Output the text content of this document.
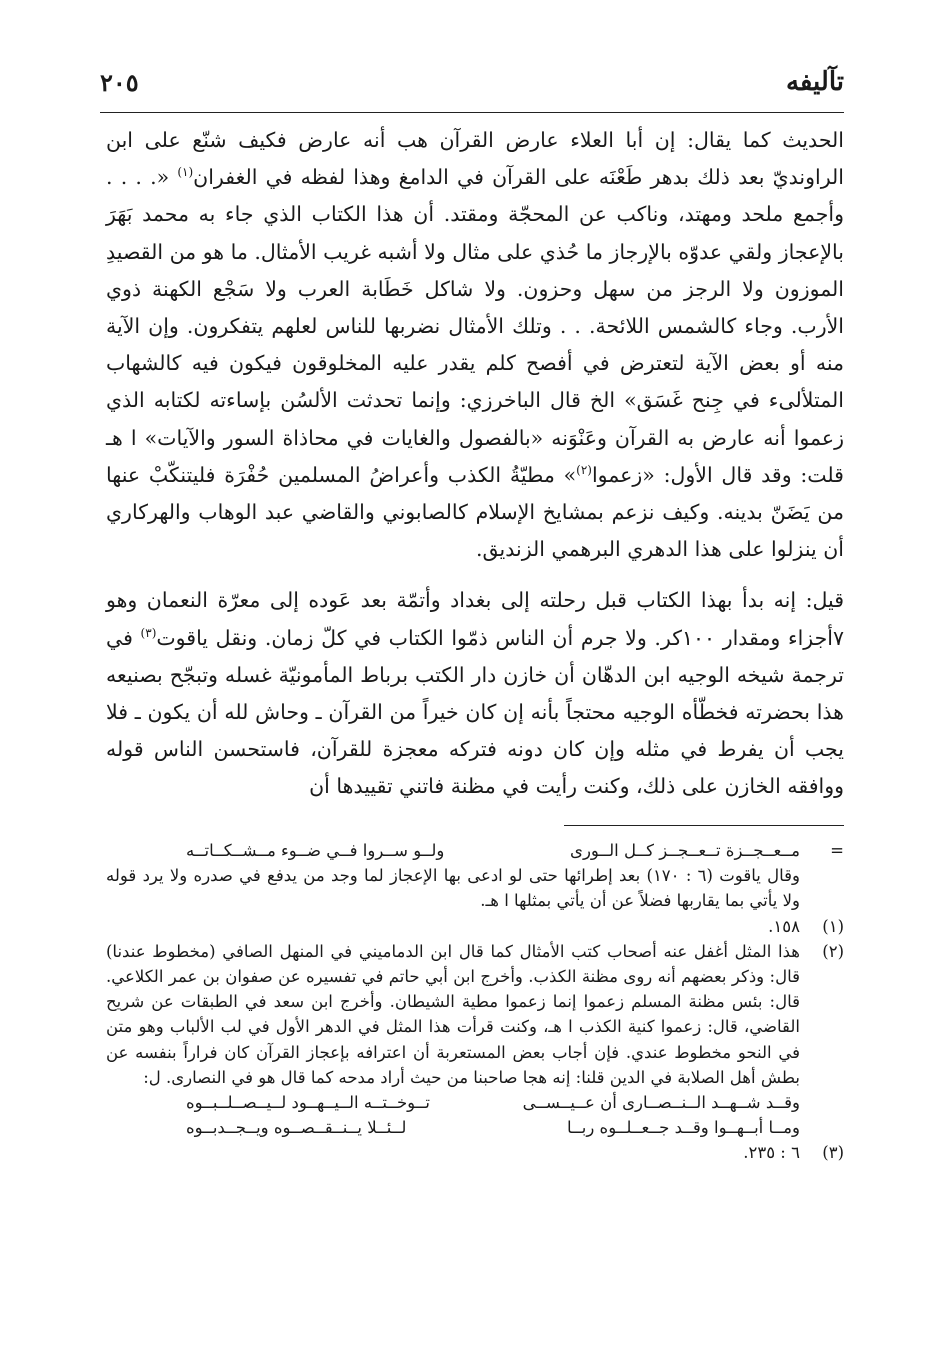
تآليفه
٢٠٥

الحديث كما يقال: إن أبا العلاء عارض القرآن هب أنه عارض فكيف شنّع على ابن الراونديّ بعد ذلك بدهر طَعْنَه على القرآن في الدامغ وهذا لفظه في الغفران$^{(١)}$ «. . . . وأجمع ملحد ومهتد، وناكب عن المحجّة ومقتد. أن هذا الكتاب الذي جاء به محمد بَهَرَ بالإعجاز ولقي عدوّه بالإرجاز ما حُذي على مثال ولا أشبه غريب الأمثال. ما هو من القصيدِ الموزون ولا الرجز من سهل وحزون. ولا شاكل خَطَابة العرب ولا سَجْع الكهنة ذوي الأرب. وجاء كالشمس اللائحة. . . وتلك الأمثال نضربها للناس لعلهم يتفكرون. وإن الآية منه أو بعض الآية لتعترض في أفصح كلم يقدر عليه المخلوقون فيكون فيه كالشهاب المتلألىء في جِنح غَسَق» الخ قال الباخرزي: وإنما تحدثت الألسُن بإساءته لكتابه الذي زعموا أنه عارض به القرآن وعَنْوَنه «بالفصول والغايات في محاذاة السور والآيات» ا هـ قلت: وقد قال الأول: «زعموا$^{(٢)}$» مطيّةُ الكذب وأعراضُ المسلمين حُفْرَة فليتنكّبْ عنها من يَضَنّ بدينه. وكيف نزعم بمشايخ الإسلام كالصابوني والقاضي عبد الوهاب والهركاري أن ينزلوا على هذا الدهري البرهمي الزنديق.

قيل: إنه بدأ بهذا الكتاب قبل رحلته إلى بغداد وأتمّة بعد عَوده إلى معرّة النعمان وهو ٧أجزاء ومقدار ١٠٠كر. ولا جرم أن الناس ذمّوا الكتاب في كلّ زمان. ونقل ياقوت$^{(٣)}$ في ترجمة شيخه الوجيه ابن الدهّان أن خازن دار الكتب برباط المأمونيّة غسله وتبجّح بصنيعه هذا بحضرته فخطّأه الوجيه محتجاً بأنه إن كان خيراً من القرآن ـ وحاش لله أن يكون ـ فلا يجب أن يفرط في مثله وإن كان دونه فتركه معجزة للقرآن، فاستحسن الناس قوله ووافقه الخازن على ذلك، وكنت رأيت في مظنة فاتني تقييدها أن

=
مــعــجــزة تــعــجــز كــل الــورى
ولــو ســروا فــي ضــوء مــشــكــاتــه
وقال ياقوت (٦ : ١٧٠) بعد إطرائها حتى لو ادعى بها الإعجاز لما وجد من يدفع في صدره ولا يرد قوله ولا يأتي بما يقاربها فضلاً عن أن يأتي بمثلها ا هـ.
(١)
١٥٨.
(٢)
هذا المثل أغفل عنه أصحاب كتب الأمثال كما قال ابن الدماميني في المنهل الصافي (مخطوط عندنا) قال: وذكر بعضهم أنه روى مظنة الكذب. وأخرج ابن أبي حاتم في تفسيره عن صفوان بن عمر الكلاعي. قال: بئس مظنة المسلم زعموا إنما زعموا مطية الشيطان. وأخرج ابن سعد في الطبقات عن شريح القاضي، قال: زعموا كنية الكذب ا هـ، وكنت قرأت هذا المثل في الدهر الأول في لب الألباب وهو متن في النحو مخطوط عندي. فإن أجاب بعض المستعربة أن اعترافه بإعجاز القرآن كان فراراً بنفسه عن بطش أهل الصلابة في الدين قلنا: إنه هجا صاحبنا من حيث أراد مدحه كما قال هو في النصارى. ل:
وقــد شــهــد الــنــصــارى أن عــيــســى
تــوخــتــه الــيــهــود لــيــصــلــبــوه
ومــا أبــهــوا وقــد جــعــلــوه ربــا
لــئــلا يــنــقــصــوه ويــجــدبــوه
(٣)
٦ : ٢٣٥.
